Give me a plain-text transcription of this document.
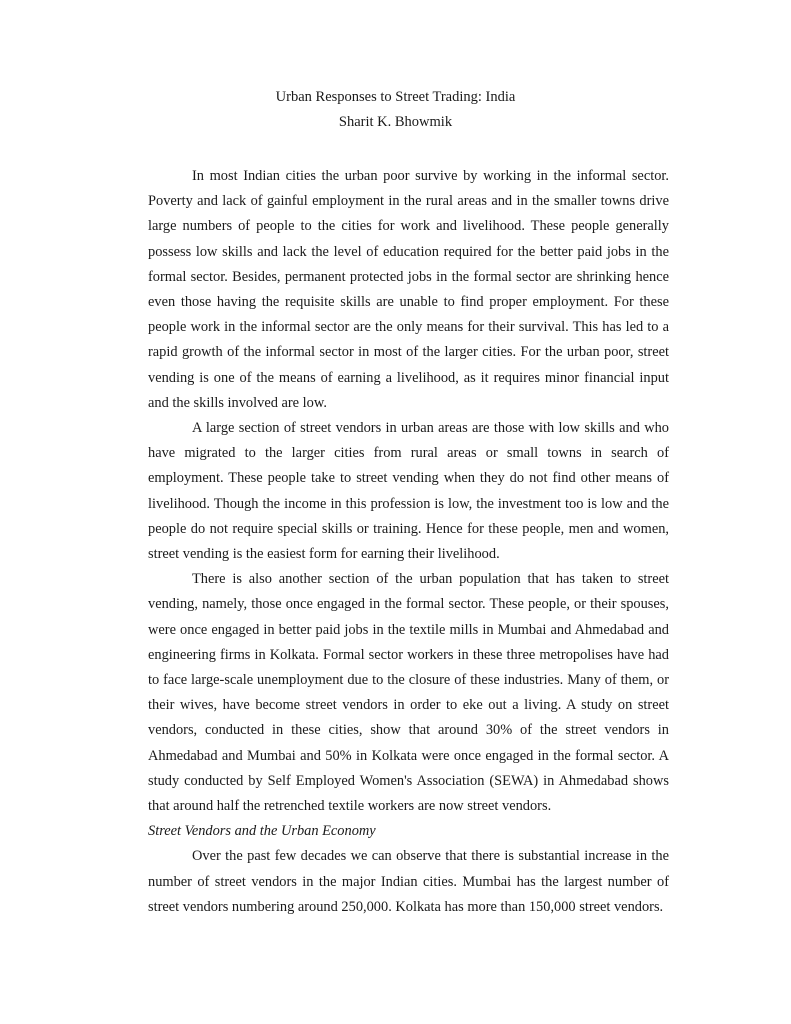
Urban Responses to Street Trading: India
Sharit K. Bhowmik

In most Indian cities the urban poor survive by working in the informal sector. Poverty and lack of gainful employment in the rural areas and in the smaller towns drive large numbers of people to the cities for work and livelihood. These people generally possess low skills and lack the level of education required for the better paid jobs in the formal sector. Besides, permanent protected jobs in the formal sector are shrinking hence even those having the requisite skills are unable to find proper employment. For these people work in the informal sector are the only means for their survival. This has led to a rapid growth of the informal sector in most of the larger cities. For the urban poor, street vending is one of the means of earning a livelihood, as it requires minor financial input and the skills involved are low.

A large section of street vendors in urban areas are those with low skills and who have migrated to the larger cities from rural areas or small towns in search of employment. These people take to street vending when they do not find other means of livelihood. Though the income in this profession is low, the investment too is low and the people do not require special skills or training. Hence for these people, men and women, street vending is the easiest form for earning their livelihood.

There is also another section of the urban population that has taken to street vending, namely, those once engaged in the formal sector. These people, or their spouses, were once engaged in better paid jobs in the textile mills in Mumbai and Ahmedabad and engineering firms in Kolkata. Formal sector workers in these three metropolises have had to face large-scale unemployment due to the closure of these industries. Many of them, or their wives, have become street vendors in order to eke out a living. A study on street vendors, conducted in these cities, show that around 30% of the street vendors in Ahmedabad and Mumbai and 50% in Kolkata were once engaged in the formal sector. A study conducted by Self Employed Women's Association (SEWA) in Ahmedabad shows that around half the retrenched textile workers are now street vendors.

Street Vendors and the Urban Economy

Over the past few decades we can observe that there is substantial increase in the number of street vendors in the major Indian cities. Mumbai has the largest number of street vendors numbering around 250,000. Kolkata has more than 150,000 street vendors.
